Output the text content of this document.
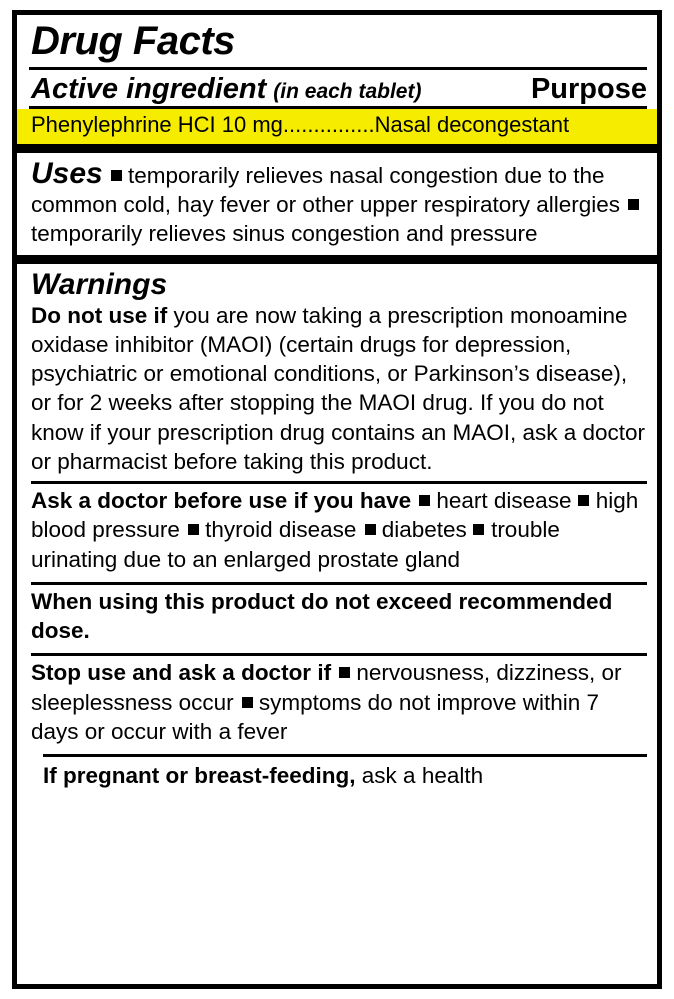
Drug Facts
Active ingredient (in each tablet)	Purpose
Phenylephrine HCI 10 mg...............Nasal decongestant
Uses temporarily relieves nasal congestion due to the common cold, hay fever or other upper respiratory allergies temporarily relieves sinus congestion and pressure
Warnings
Do not use if you are now taking a prescription monoamine oxidase inhibitor (MAOI) (certain drugs for depression, psychiatric or emotional conditions, or Parkinson’s disease), or for 2 weeks after stopping the MAOI drug. If you do not know if your prescription drug contains an MAOI, ask a doctor or pharmacist before taking this product.
Ask a doctor before use if you have heart disease high blood pressure thyroid disease diabetes trouble urinating due to an enlarged prostate gland
When using this product do not exceed recommended dose.
Stop use and ask a doctor if nervousness, dizziness, or sleeplessness occur symptoms do not improve within 7 days or occur with a fever
If pregnant or breast-feeding, ask a health
